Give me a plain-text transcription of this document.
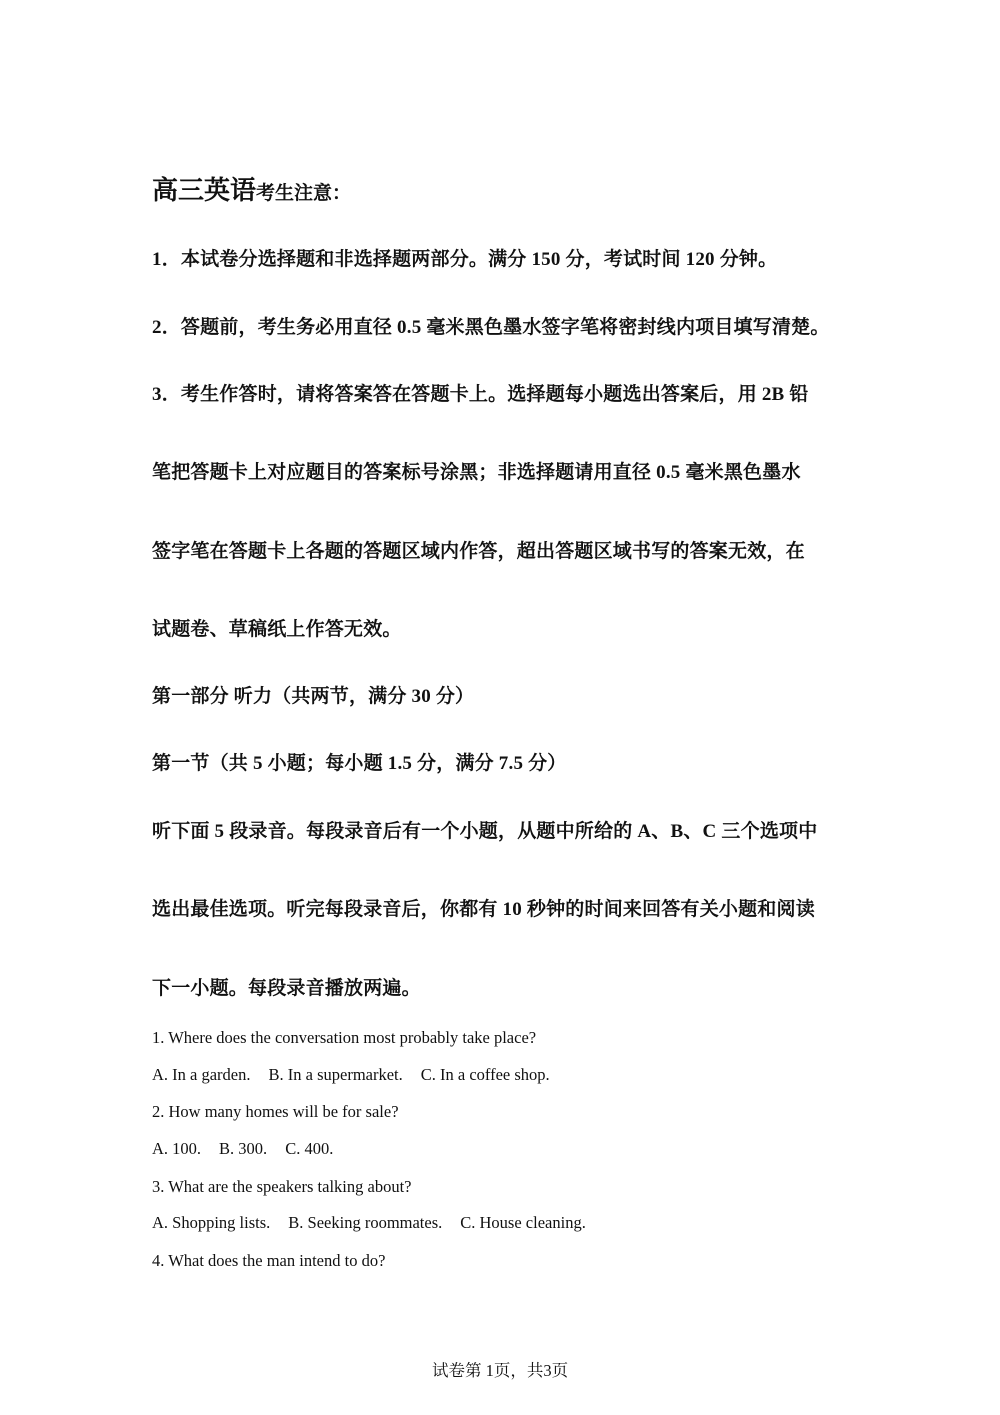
高三英语考生注意：

1．本试卷分选择题和非选择题两部分。满分 150 分，考试时间 120 分钟。

2．答题前，考生务必用直径 0.5 毫米黑色墨水签字笔将密封线内项目填写清楚。

3．考生作答时，请将答案答在答题卡上。选择题每小题选出答案后，用 2B 铅

笔把答题卡上对应题目的答案标号涂黑；非选择题请用直径 0.5 毫米黑色墨水

签字笔在答题卡上各题的答题区域内作答，超出答题区域书写的答案无效，在

试题卷、草稿纸上作答无效。

第一部分 听力（共两节，满分 30 分）

第一节（共 5 小题；每小题 1.5 分，满分 7.5 分）

听下面 5 段录音。每段录音后有一个小题，从题中所给的 A、B、C 三个选项中

选出最佳选项。听完每段录音后，你都有 10 秒钟的时间来回答有关小题和阅读

下一小题。每段录音播放两遍。

1. Where does the conversation most probably take place?

A. In a garden. B. In a supermarket. C. In a coffee shop.

2. How many homes will be for sale?

A. 100. B. 300. C. 400.

3. What are the speakers talking about?

A. Shopping lists. B. Seeking roommates. C. House cleaning.

4. What does the man intend to do?

试卷第 1页，共3页
